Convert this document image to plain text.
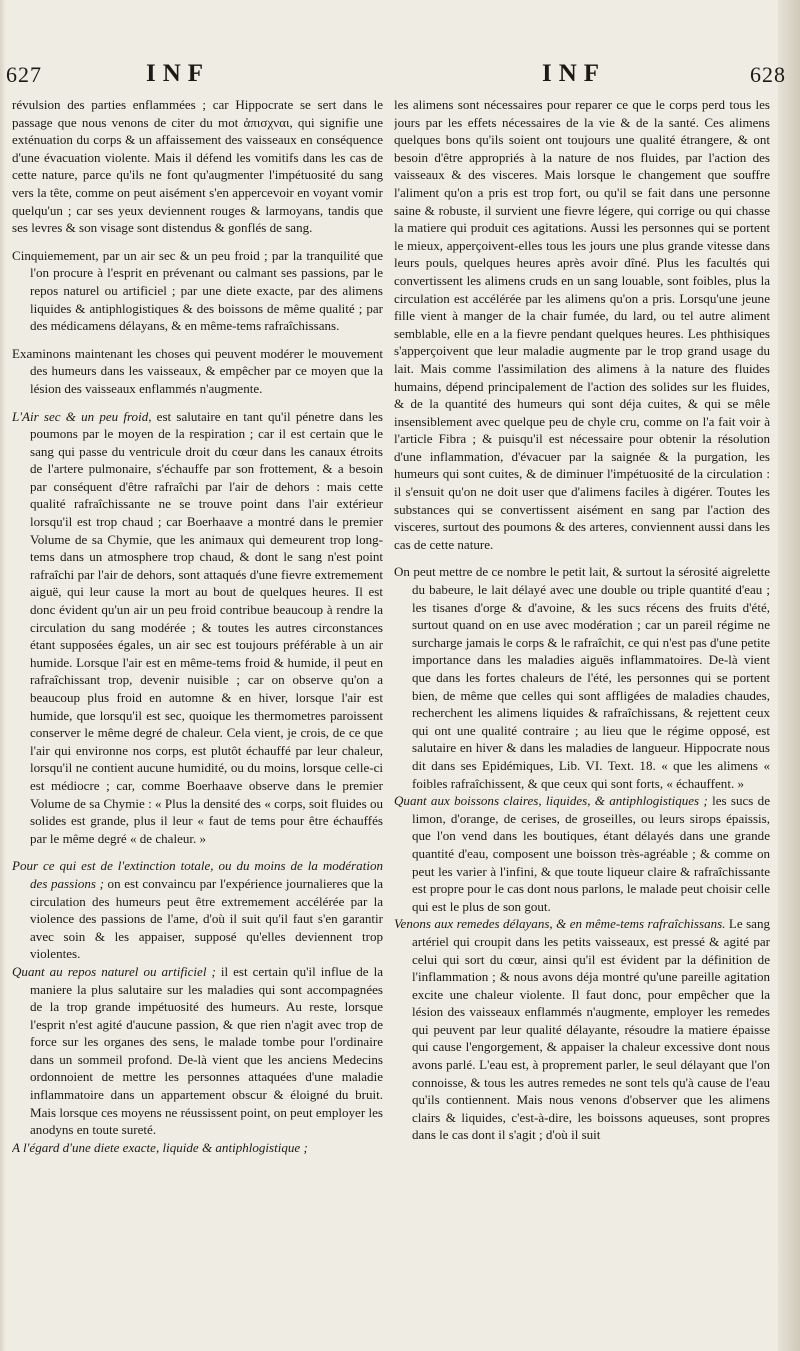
627	INF	INF	628

révulsion des parties enflammées ; car Hippocrate se sert dans le passage que nous venons de citer du mot ἀπισχναι, qui signifie une exténuation du corps & un affaissement des vaisseaux en conséquence d'une évacuation violente. Mais il défend les vomitifs dans les cas de cette nature, parce qu'ils ne font qu'augmenter l'impétuosité du sang vers la tête, comme on peut aisément s'en appercevoir en voyant vomir quelqu'un ; car ses yeux deviennent rouges & larmoyans, tandis que ses levres & son visage sont distendus & gonflés de sang.

Cinquiemement, par un air sec & un peu froid ; par la tranquilité que l'on procure à l'esprit en prévenant ou calmant ses passions, par le repos naturel ou artificiel ; par une diete exacte, par des alimens liquides & antiphlogistiques & des boissons de même qualité ; par des médicamens délayans, & en même-tems rafraîchissans.

Examinons maintenant les choses qui peuvent modérer le mouvement des humeurs dans les vaisseaux, & empêcher par ce moyen que la lésion des vaisseaux enflammés n'augmente.

L'Air sec & un peu froid, est salutaire en tant qu'il pénetre dans les poumons par le moyen de la respiration ; car il est certain que le sang qui passe du ventricule droit du cœur dans les canaux étroits de l'artere pulmonaire, s'échauffe par son frottement, & a besoin par conséquent d'être rafraîchi par l'air de dehors : mais cette qualité rafraîchissante ne se trouve point dans l'air extérieur lorsqu'il est trop chaud ; car Boerhaave a montré dans le premier Volume de sa Chymie, que les animaux qui demeurent trop long-tems dans un atmosphere trop chaud, & dont le sang n'est point rafraîchi par l'air de dehors, sont attaqués d'une fievre extremement aiguë, qui leur cause la mort au bout de quelques heures. Il est donc évident qu'un air un peu froid contribue beaucoup à rendre la circulation du sang modérée ; & toutes les autres circonstances étant supposées égales, un air sec est toujours préférable à un air humide. Lorsque l'air est en même-tems froid & humide, il peut en rafraîchissant trop, devenir nuisible ; car on observe qu'on a beaucoup plus froid en automne & en hiver, lorsque l'air est humide, que lorsqu'il est sec, quoique les thermometres paroissent conserver le même degré de chaleur. Cela vient, je crois, de ce que l'air qui environne nos corps, est plutôt échauffé par leur chaleur, lorsqu'il ne contient aucune humidité, ou du moins, lorsque celle-ci est médiocre ; car, comme Boerhaave observe dans le premier Volume de sa Chymie : « Plus la densité des « corps, soit fluides ou solides est grande, plus il leur « faut de tems pour être échauffés par le même degré « de chaleur. »

Pour ce qui est de l'extinction totale, ou du moins de la modération des passions ; on est convaincu par l'expérience journalieres que la circulation des humeurs peut être extremement accélérée par la violence des passions de l'ame, d'où il suit qu'il faut s'en garantir avec soin & les appaiser, supposé qu'elles deviennent trop violentes.

Quant au repos naturel ou artificiel ; il est certain qu'il influe de la maniere la plus salutaire sur les maladies qui sont accompagnées de la trop grande impétuosité des humeurs. Au reste, lorsque l'esprit n'est agité d'aucune passion, & que rien n'agit avec trop de force sur les organes des sens, le malade tombe pour l'ordinaire dans un sommeil profond. De-là vient que les anciens Medecins ordonnoient de mettre les personnes attaquées d'une maladie inflammatoire dans un appartement obscur & éloigné du bruit. Mais lorsque ces moyens ne réussissent point, on peut employer les anodyns en toute sureté.

A l'égard d'une diete exacte, liquide & antiphlogistique ;

les alimens sont nécessaires pour reparer ce que le corps perd tous les jours par les effets nécessaires de la vie & de la santé. Ces alimens quelques bons qu'ils soient ont toujours une qualité étrangere, & ont besoin d'être appropriés à la nature de nos fluides, par l'action des vaisseaux & des visceres. Mais lorsque le changement que souffre l'aliment qu'on a pris est trop fort, ou qu'il se fait dans une personne saine & robuste, il survient une fievre légere, qui corrige ou qui chasse la matiere qui produit ces agitations. Aussi les personnes qui se portent le mieux, apperçoivent-elles tous les jours une plus grande vitesse dans leurs pouls, quelques heures après avoir dîné. Plus les facultés qui convertissent les alimens cruds en un sang louable, sont foibles, plus la circulation est accélérée par les alimens qu'on a pris. Lorsqu'une jeune fille vient à manger de la chair fumée, du lard, ou tel autre aliment semblable, elle en a la fievre pendant quelques heures. Les phthisiques s'apperçoivent que leur maladie augmente par le trop grand usage du lait. Mais comme l'assimilation des alimens à la nature des fluides humains, dépend principalement de l'action des solides sur les fluides, & de la quantité des humeurs qui sont déja cuites, & qui se mêle insensiblement avec quelque peu de chyle cru, comme on l'a fait voir à l'article Fibra ; & puisqu'il est nécessaire pour obtenir la résolution d'une inflammation, d'évacuer par la saignée & la purgation, les humeurs qui sont cuites, & de diminuer l'impétuosité de la circulation : il s'ensuit qu'on ne doit user que d'alimens faciles à digérer. Toutes les substances qui se convertissent aisément en sang par l'action des visceres, surtout des poumons & des arteres, conviennent aussi dans les cas de cette nature.

On peut mettre de ce nombre le petit lait, & surtout la sérosité aigrelette du babeure, le lait délayé avec une double ou triple quantité d'eau ; les tisanes d'orge & d'avoine, & les sucs récens des fruits d'été, surtout quand on en use avec modération ; car un pareil régime ne surcharge jamais le corps & le rafraîchit, ce qui n'est pas d'une petite importance dans les maladies aiguës inflammatoires. De-là vient que dans les fortes chaleurs de l'été, les personnes qui se portent bien, de même que celles qui sont affligées de maladies chaudes, recherchent les alimens liquides & rafraîchissans, & rejettent ceux qui ont une qualité contraire ; au lieu que le régime opposé, est salutaire en hiver & dans les maladies de langueur. Hippocrate nous dit dans ses Epidémiques, Lib. VI. Text. 18. « que les alimens « foibles rafraîchissent, & que ceux qui sont forts, « échauffent. »

Quant aux boissons claires, liquides, & antiphlogistiques ; les sucs de limon, d'orange, de cerises, de groseilles, ou leurs sirops épaissis, que l'on vend dans les boutiques, étant délayés dans une grande quantité d'eau, composent une boisson très-agréable ; & comme on peut les varier à l'infini, & que toute liqueur claire & rafraîchissante est propre pour le cas dont nous parlons, le malade peut choisir celle qui est le plus de son gout.

Venons aux remedes délayans, & en même-tems rafraîchissans. Le sang artériel qui croupit dans les petits vaisseaux, est pressé & agité par celui qui sort du cœur, ainsi qu'il est évident par la définition de l'inflammation ; & nous avons déja montré qu'une pareille agitation excite une chaleur violente. Il faut donc, pour empêcher que la lésion des vaisseaux enflammés n'augmente, employer les remedes qui peuvent par leur qualité délayante, résoudre la matiere épaisse qui cause l'engorgement, & appaiser la chaleur excessive dont nous avons parlé. L'eau est, à proprement parler, le seul délayant que l'on connoisse, & tous les autres remedes ne sont tels qu'à cause de l'eau qu'ils contiennent. Mais nous venons d'observer que les alimens clairs & liquides, c'est-à-dire, les boissons aqueuses, sont propres dans le cas dont il s'agit ; d'où il suit
